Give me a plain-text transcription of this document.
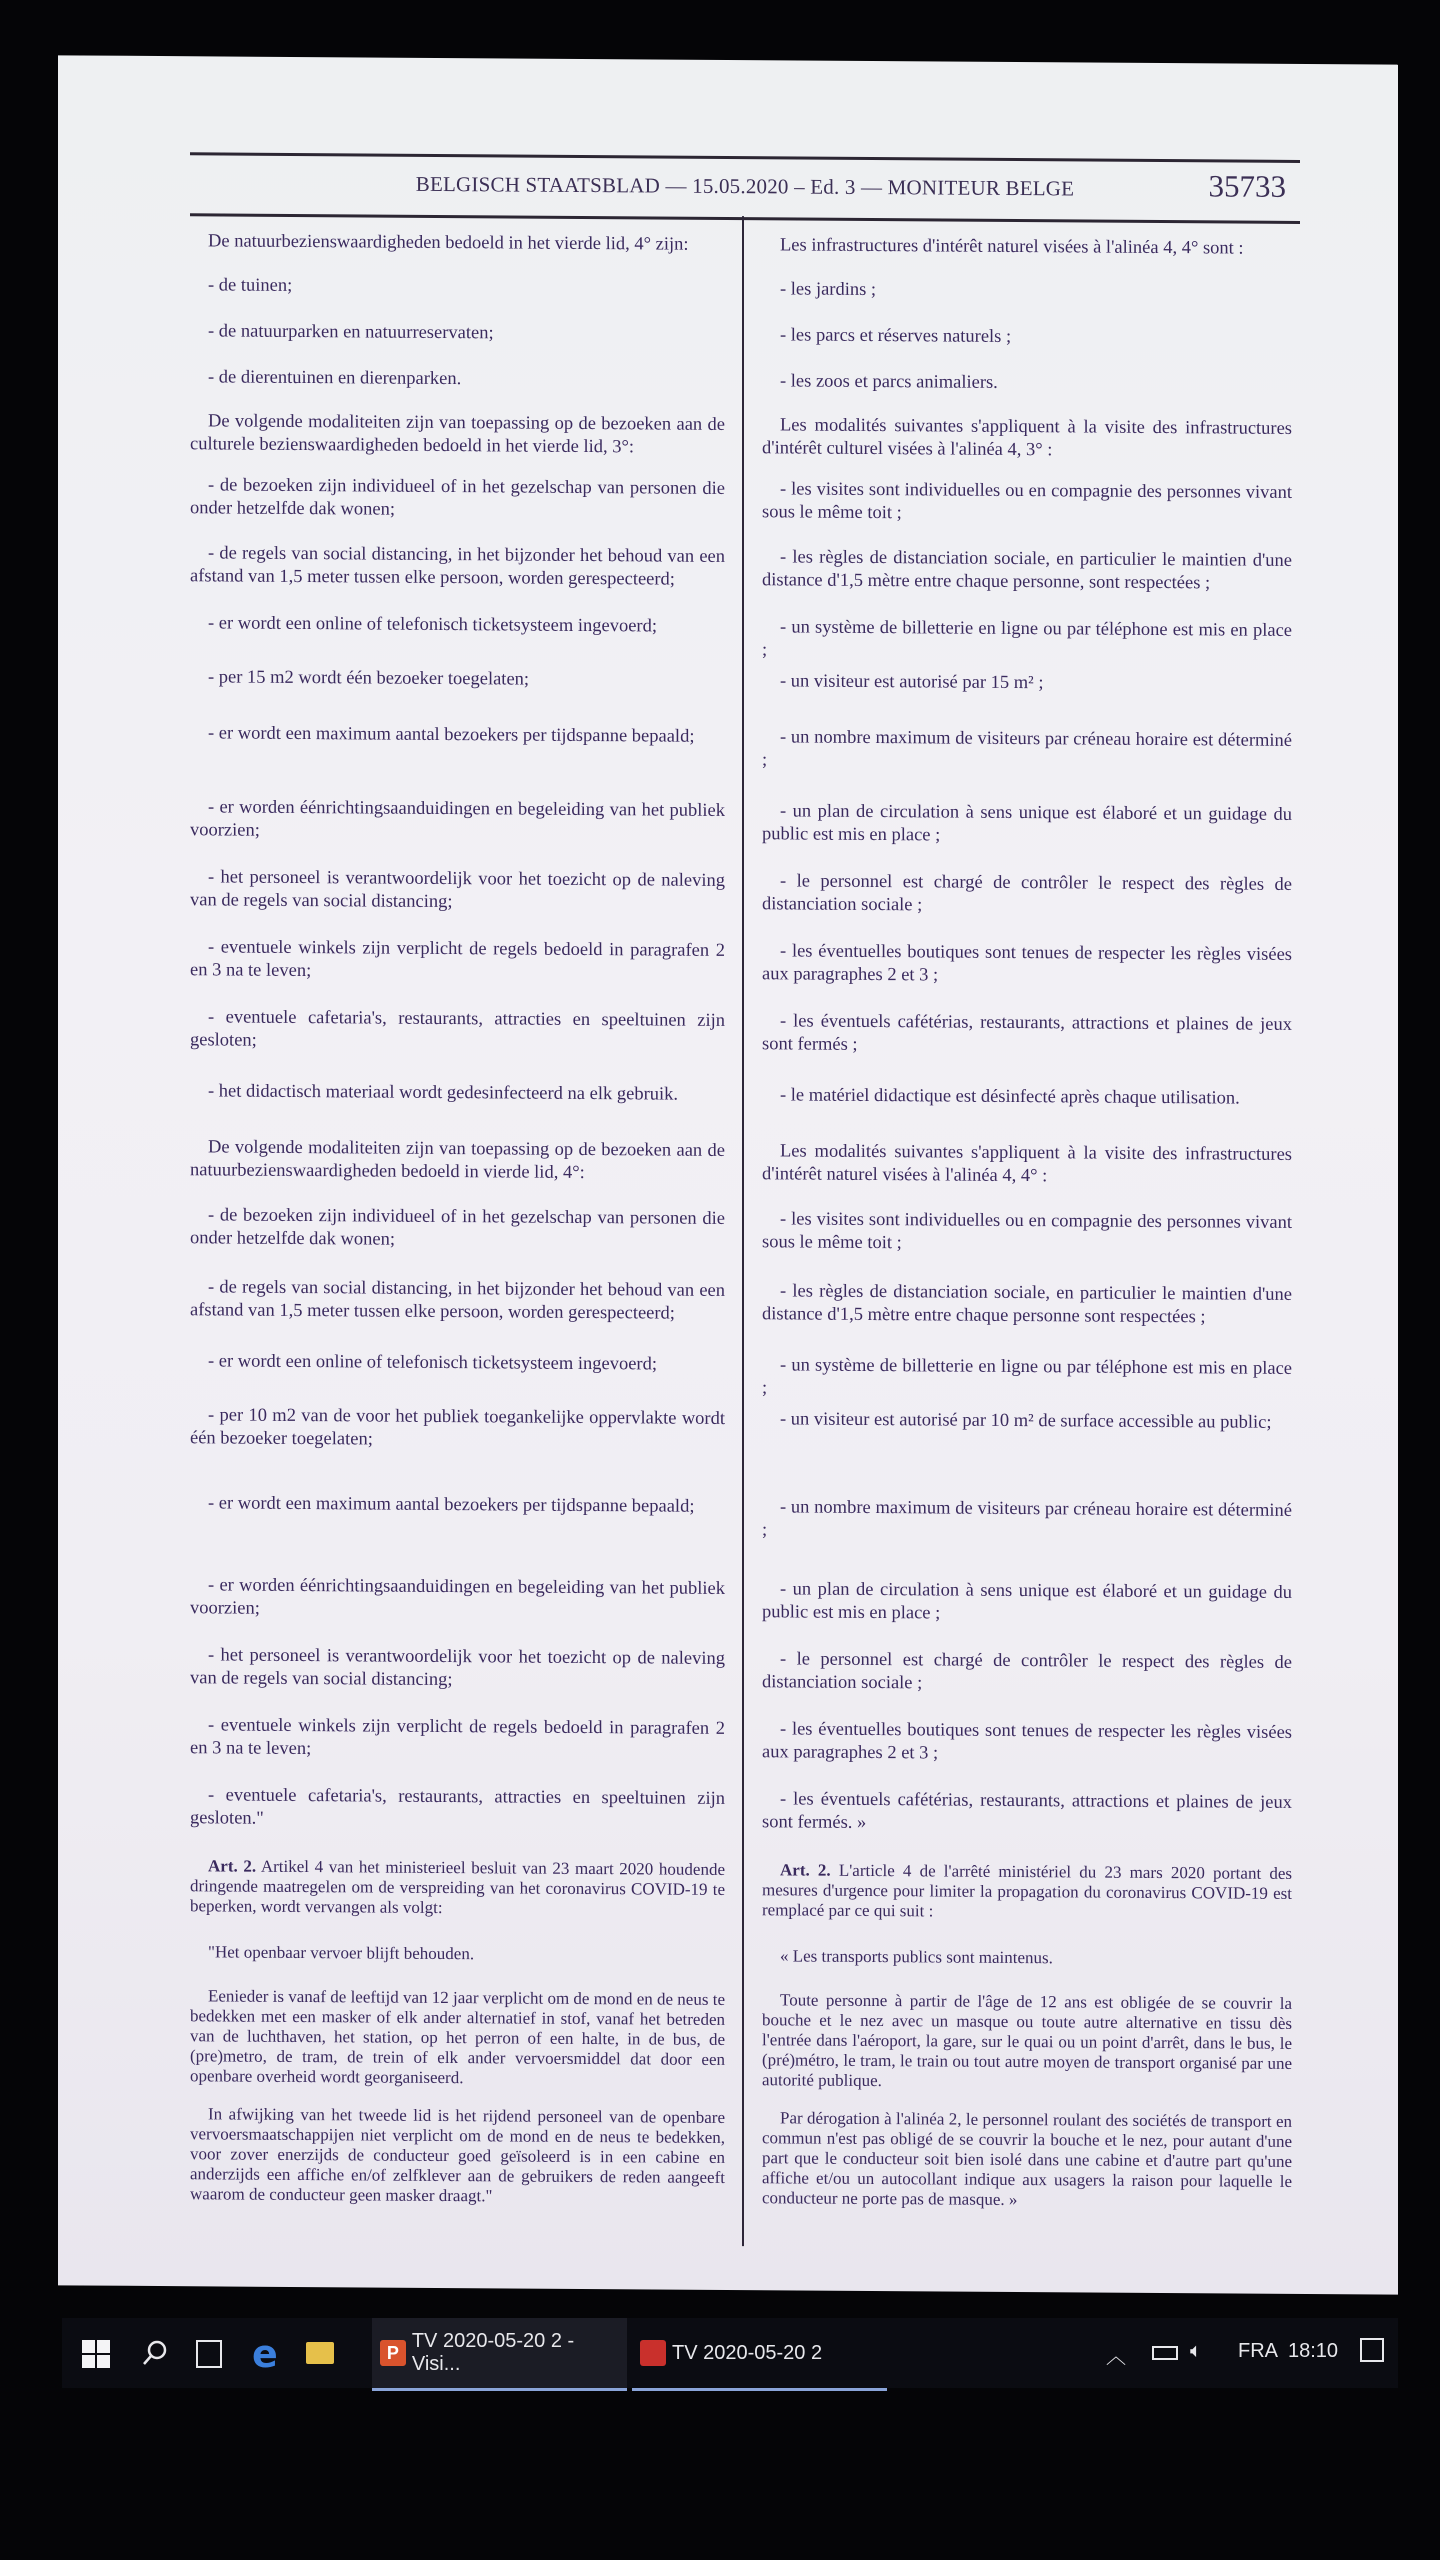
BELGISCH STAATSBLAD — 15.05.2020 – Ed. 3 — MONITEUR BELGE	35733

De natuurbezienswaardigheden bedoeld in het vierde lid, 4° zijn:

- de tuinen;

- de natuurparken en natuurreservaten;

- de dierentuinen en dierenparken.

De volgende modaliteiten zijn van toepassing op de bezoeken aan de culturele bezienswaardigheden bedoeld in het vierde lid, 3°:

- de bezoeken zijn individueel of in het gezelschap van personen die onder hetzelfde dak wonen;

- de regels van social distancing, in het bijzonder het behoud van een afstand van 1,5 meter tussen elke persoon, worden gerespecteerd;

- er wordt een online of telefonisch ticketsysteem ingevoerd;

- per 15 m2 wordt één bezoeker toegelaten;

- er wordt een maximum aantal bezoekers per tijdspanne bepaald;

- er worden éénrichtingsaanduidingen en begeleiding van het publiek voorzien;

- het personeel is verantwoordelijk voor het toezicht op de naleving van de regels van social distancing;

- eventuele winkels zijn verplicht de regels bedoeld in paragrafen 2 en 3 na te leven;

- eventuele cafetaria's, restaurants, attracties en speeltuinen zijn gesloten;

- het didactisch materiaal wordt gedesinfecteerd na elk gebruik.

De volgende modaliteiten zijn van toepassing op de bezoeken aan de natuurbezienswaardigheden bedoeld in vierde lid, 4°:

- de bezoeken zijn individueel of in het gezelschap van personen die onder hetzelfde dak wonen;

- de regels van social distancing, in het bijzonder het behoud van een afstand van 1,5 meter tussen elke persoon, worden gerespecteerd;

- er wordt een online of telefonisch ticketsysteem ingevoerd;

- per 10 m2 van de voor het publiek toegankelijke oppervlakte wordt één bezoeker toegelaten;

- er wordt een maximum aantal bezoekers per tijdspanne bepaald;

- er worden éénrichtingsaanduidingen en begeleiding van het publiek voorzien;

- het personeel is verantwoordelijk voor het toezicht op de naleving van de regels van social distancing;

- eventuele winkels zijn verplicht de regels bedoeld in paragrafen 2 en 3 na te leven;

- eventuele cafetaria's, restaurants, attracties en speeltuinen zijn gesloten."

Art. 2. Artikel 4 van het ministerieel besluit van 23 maart 2020 houdende dringende maatregelen om de verspreiding van het coronavirus COVID-19 te beperken, wordt vervangen als volgt:

"Het openbaar vervoer blijft behouden.

Eenieder is vanaf de leeftijd van 12 jaar verplicht om de mond en de neus te bedekken met een masker of elk ander alternatief in stof, vanaf het betreden van de luchthaven, het station, op het perron of een halte, in de bus, de (pre)metro, de tram, de trein of elk ander vervoersmiddel dat door een openbare overheid wordt georganiseerd.

In afwijking van het tweede lid is het rijdend personeel van de openbare vervoersmaatschappijen niet verplicht om de mond en de neus te bedekken, voor zover enerzijds de conducteur goed geïsoleerd is in een cabine en anderzijds een affiche en/of zelfklever aan de gebruikers de reden aangeeft waarom de conducteur geen masker draagt."

Les infrastructures d'intérêt naturel visées à l'alinéa 4, 4° sont :

- les jardins ;

- les parcs et réserves naturels ;

- les zoos et parcs animaliers.

Les modalités suivantes s'appliquent à la visite des infrastructures d'intérêt culturel visées à l'alinéa 4, 3° :

- les visites sont individuelles ou en compagnie des personnes vivant sous le même toit ;

- les règles de distanciation sociale, en particulier le maintien d'une distance d'1,5 mètre entre chaque personne, sont respectées ;

- un système de billetterie en ligne ou par téléphone est mis en place ;

- un visiteur est autorisé par 15 m² ;

- un nombre maximum de visiteurs par créneau horaire est déterminé ;

- un plan de circulation à sens unique est élaboré et un guidage du public est mis en place ;

- le personnel est chargé de contrôler le respect des règles de distanciation sociale ;

- les éventuelles boutiques sont tenues de respecter les règles visées aux paragraphes 2 et 3 ;

- les éventuels cafétérias, restaurants, attractions et plaines de jeux sont fermés ;

- le matériel didactique est désinfecté après chaque utilisation.

Les modalités suivantes s'appliquent à la visite des infrastructures d'intérêt naturel visées à l'alinéa 4, 4° :

- les visites sont individuelles ou en compagnie des personnes vivant sous le même toit ;

- les règles de distanciation sociale, en particulier le maintien d'une distance d'1,5 mètre entre chaque personne sont respectées ;

- un système de billetterie en ligne ou par téléphone est mis en place ;

- un visiteur est autorisé par 10 m² de surface accessible au public;

- un nombre maximum de visiteurs par créneau horaire est déterminé ;

- un plan de circulation à sens unique est élaboré et un guidage du public est mis en place ;

- le personnel est chargé de contrôler le respect des règles de distanciation sociale ;

- les éventuelles boutiques sont tenues de respecter les règles visées aux paragraphes 2 et 3 ;

- les éventuels cafétérias, restaurants, attractions et plaines de jeux sont fermés. »

Art. 2. L'article 4 de l'arrêté ministériel du 23 mars 2020 portant des mesures d'urgence pour limiter la propagation du coronavirus COVID-19 est remplacé par ce qui suit :

« Les transports publics sont maintenus.

Toute personne à partir de l'âge de 12 ans est obligée de se couvrir la bouche et le nez avec un masque ou toute autre alternative en tissu dès l'entrée dans l'aéroport, la gare, sur le quai ou un point d'arrêt, dans le bus, le (pré)métro, le tram, le train ou tout autre moyen de transport organisé par une autorité publique.

Par dérogation à l'alinéa 2, le personnel roulant des sociétés de transport en commun n'est pas obligé de se couvrir la bouche et le nez, pour autant d'une part que le conducteur soit bien isolé dans une cabine et d'autre part qu'une affiche et/ou un autocollant indique aux usagers la raison pour laquelle le conducteur ne porte pas de masque. »

e	P
TV 2020-05-20 2 - Visi...
TV 2020-05-20 2	︿	🔈︎ FRA 18:10
